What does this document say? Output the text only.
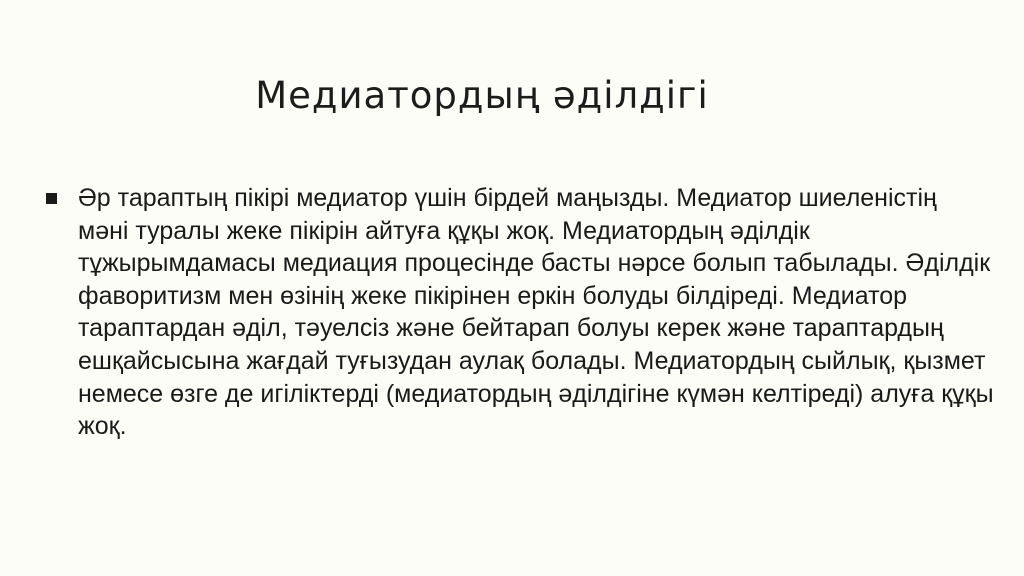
Медиатордың әділдігі

Әр тараптың пікірі медиатор үшін бірдей маңызды. Медиатор шиеленістің мәні туралы жеке пікірін айтуға құқы жоқ. Медиатордың әділдік тұжырымдамасы медиация процесінде басты нәрсе болып табылады. Әділдік фаворитизм мен өзінің жеке пікірінен еркін болуды білдіреді. Медиатор тараптардан әділ, тәуелсіз және бейтарап болуы керек және тараптардың ешқайсысына жағдай туғызудан аулақ болады. Медиатордың сыйлық, қызмет немесе өзге де игіліктерді (медиатордың әділдігіне күмән келтіреді) алуға құқы жоқ.
